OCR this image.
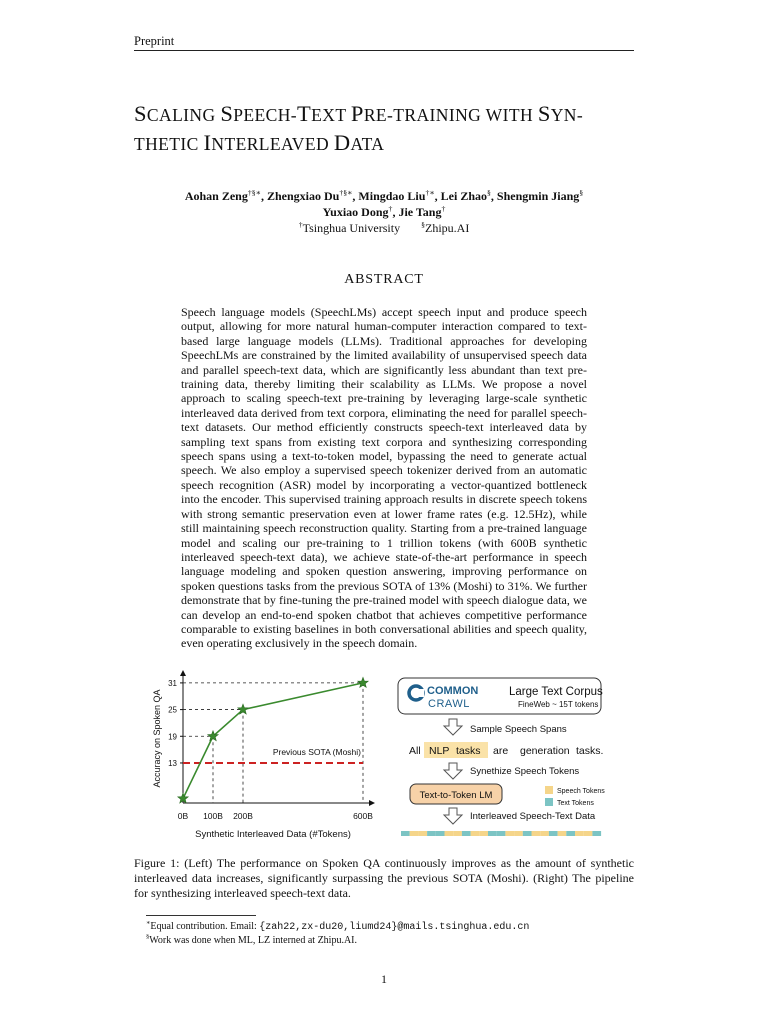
Preprint
SCALING SPEECH-TEXT PRE-TRAINING WITH SYN-
THETIC INTERLEAVED DATA
Aohan Zeng†§∗, Zhengxiao Du†§∗, Mingdao Liu†∗, Lei Zhao§, Shengmin Jiang§
Yuxiao Dong†, Jie Tang†
†Tsinghua University	§Zhipu.AI
ABSTRACT
Speech language models (SpeechLMs) accept speech input and produce speech output, allowing for more natural human-computer interaction compared to text-based large language models (LLMs). Traditional approaches for developing SpeechLMs are constrained by the limited availability of unsupervised speech data and parallel speech-text data, which are significantly less abundant than text pre-training data, thereby limiting their scalability as LLMs. We propose a novel approach to scaling speech-text pre-training by leveraging large-scale synthetic interleaved data derived from text corpora, eliminating the need for parallel speech-text datasets. Our method efficiently constructs speech-text interleaved data by sampling text spans from existing text corpora and synthesizing corresponding speech spans using a text-to-token model, bypassing the need to generate actual speech. We also employ a supervised speech tokenizer derived from an automatic speech recognition (ASR) model by incorporating a vector-quantized bottleneck into the encoder. This supervised training approach results in discrete speech tokens with strong semantic preservation even at lower frame rates (e.g. 12.5Hz), while still maintaining speech reconstruction quality. Starting from a pre-trained language model and scaling our pre-training to 1 trillion tokens (with 600B synthetic interleaved speech-text data), we achieve state-of-the-art performance in speech language modeling and spoken question answering, improving performance on spoken questions tasks from the previous SOTA of 13% (Moshi) to 31%. We further demonstrate that by fine-tuning the pre-trained model with speech dialogue data, we can develop an end-to-end spoken chatbot that achieves competitive performance comparable to existing baselines in both conversational abilities and speech quality, even operating exclusively in the speech domain.
13
19
25
31
0B 100B 200B	600B
Synthetic Interleaved Data (#Tokens)
Accuracy on Spoken QA	Previous SOTA (Moshi)
COMMON
CRAWL
Large Text Corpus
FineWeb ~ 15T tokens
Sample Speech Spans
All NLP tasks are generation tasks.
Synethize Speech Tokens
Text-to-Token LM	Speech Tokens
Text Tokens
Interleaved Speech-Text Data
Figure 1: (Left) The performance on Spoken QA continuously improves as the amount of synthetic interleaved data increases, significantly surpassing the previous SOTA (Moshi). (Right) The pipeline for synthesizing interleaved speech-text data.
∗Equal contribution. Email: {zah22,zx-du20,liumd24}@mails.tsinghua.edu.cn
§Work was done when ML, LZ interned at Zhipu.AI.
1
